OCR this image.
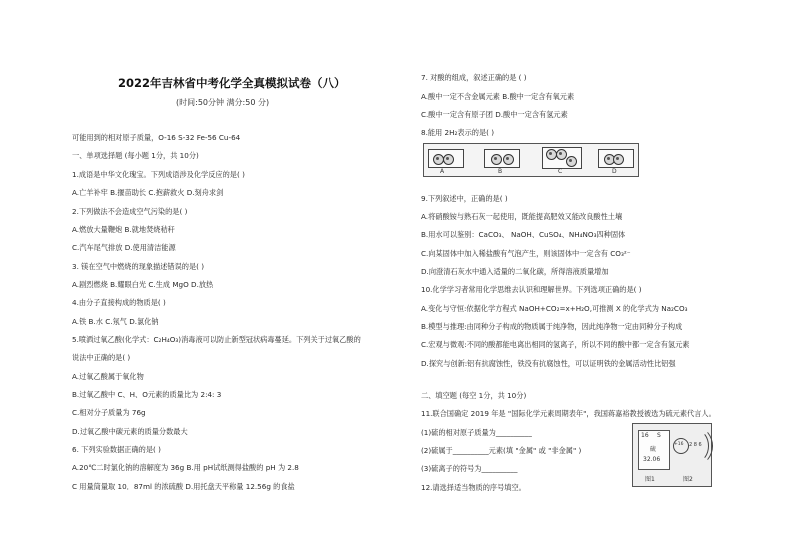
2022年吉林省中考化学全真模拟试卷（八）
(时间:50分钟 满分:50 分)
可能用到的相对原子质量，O-16 S-32 Fe-56 Cu-64
一、单项选择题 (每小题 1分，共 10分)
1.成语是中华文化瑰宝。下列成语涉及化学反应的是( )
A.亡羊补牢 B.揠苗助长 C.抱薪救火 D.刻舟求剑
2.下列做法不会造成空气污染的是( )
A.燃放大量鞭炮 B.就地焚烧秸秆
C.汽车尾气排放 D.使用清洁能源
3. 镁在空气中燃烧的现象描述错误的是( )
A.剧烈燃烧 B.耀眼白光 C.生成 MgO D.放热
4.由分子直接构成的物质是( )
A.铁 B.水 C.氖气 D.氯化钠
5.喷洒过氧乙酸(化学式：C₂H₄O₃)消毒液可以防止新型冠状病毒蔓延。下列关于过氧乙酸的
说法中正确的是( )
A.过氧乙酸属于氧化物
B.过氧乙酸中 C、H、O元素的质量比为 2:4: 3
C.相对分子质量为 76g
D.过氧乙酸中碳元素的质量分数最大
6. 下列实验数据正确的是( )
A.20℃二时氯化钠的溶解度为 36g B.用 pH试纸测得盐酸的 pH 为 2.8
C 用量筒量取 10．87ml 的浓硫酸 D.用托盘天平称量 12.56g 的食盐
7. 对酸的组成，叙述正确的是 ( )
A.酸中一定不含金属元素 B.酸中一定含有氧元素
C.酸中一定含有原子团 D.酸中一定含有氢元素
8.能用 2H₂表示的是( )
A	B	C	D
9.下列叙述中，正确的是( )
A.将硝酸铵与熟石灰一起使用，既能提高肥效又能改良酸性土壤
B.用水可以鉴别：CaCO₃、 NaOH、CuSO₄、NH₄NO₃四种固体
C.向某固体中加入稀盐酸有气泡产生，则该固体中一定含有 CO₃²⁻
D.向澄清石灰水中通入适量的二氧化碳，所得溶液质量增加
10.化学学习者常用化学思维去认识和理解世界。下列选项正确的是( )
A.变化与守恒:依据化学方程式 NaOH+CO₂=x+H₂O,可推测 X 的化学式为 Na₂CO₃
B.模型与推理:由同种分子构成的物质属于纯净物，因此纯净物一定由同种分子构成
C.宏观与微观:不同的酸都能电离出相同的氢离子，所以不同的酸中都一定含有氢元素
D.探究与创新:铝有抗腐蚀性，铁没有抗腐蚀性，可以证明铁的金属活动性比铝强
二、填空题 (每空 1分，共 10分)
11.联合国确定 2019 年是 "国际化学元素周期表年"，我国蒋嘉裕教授被选为硫元素代言人。
(1)硫的相对原子质量为__________
(2)硫属于__________元素(填 "金属" 或 "非金属" )
(3)硫离子的符号为__________
12.请选择适当物质的序号填空。
16 S
硫
32.06
+16 2 8 6
图1	图2
